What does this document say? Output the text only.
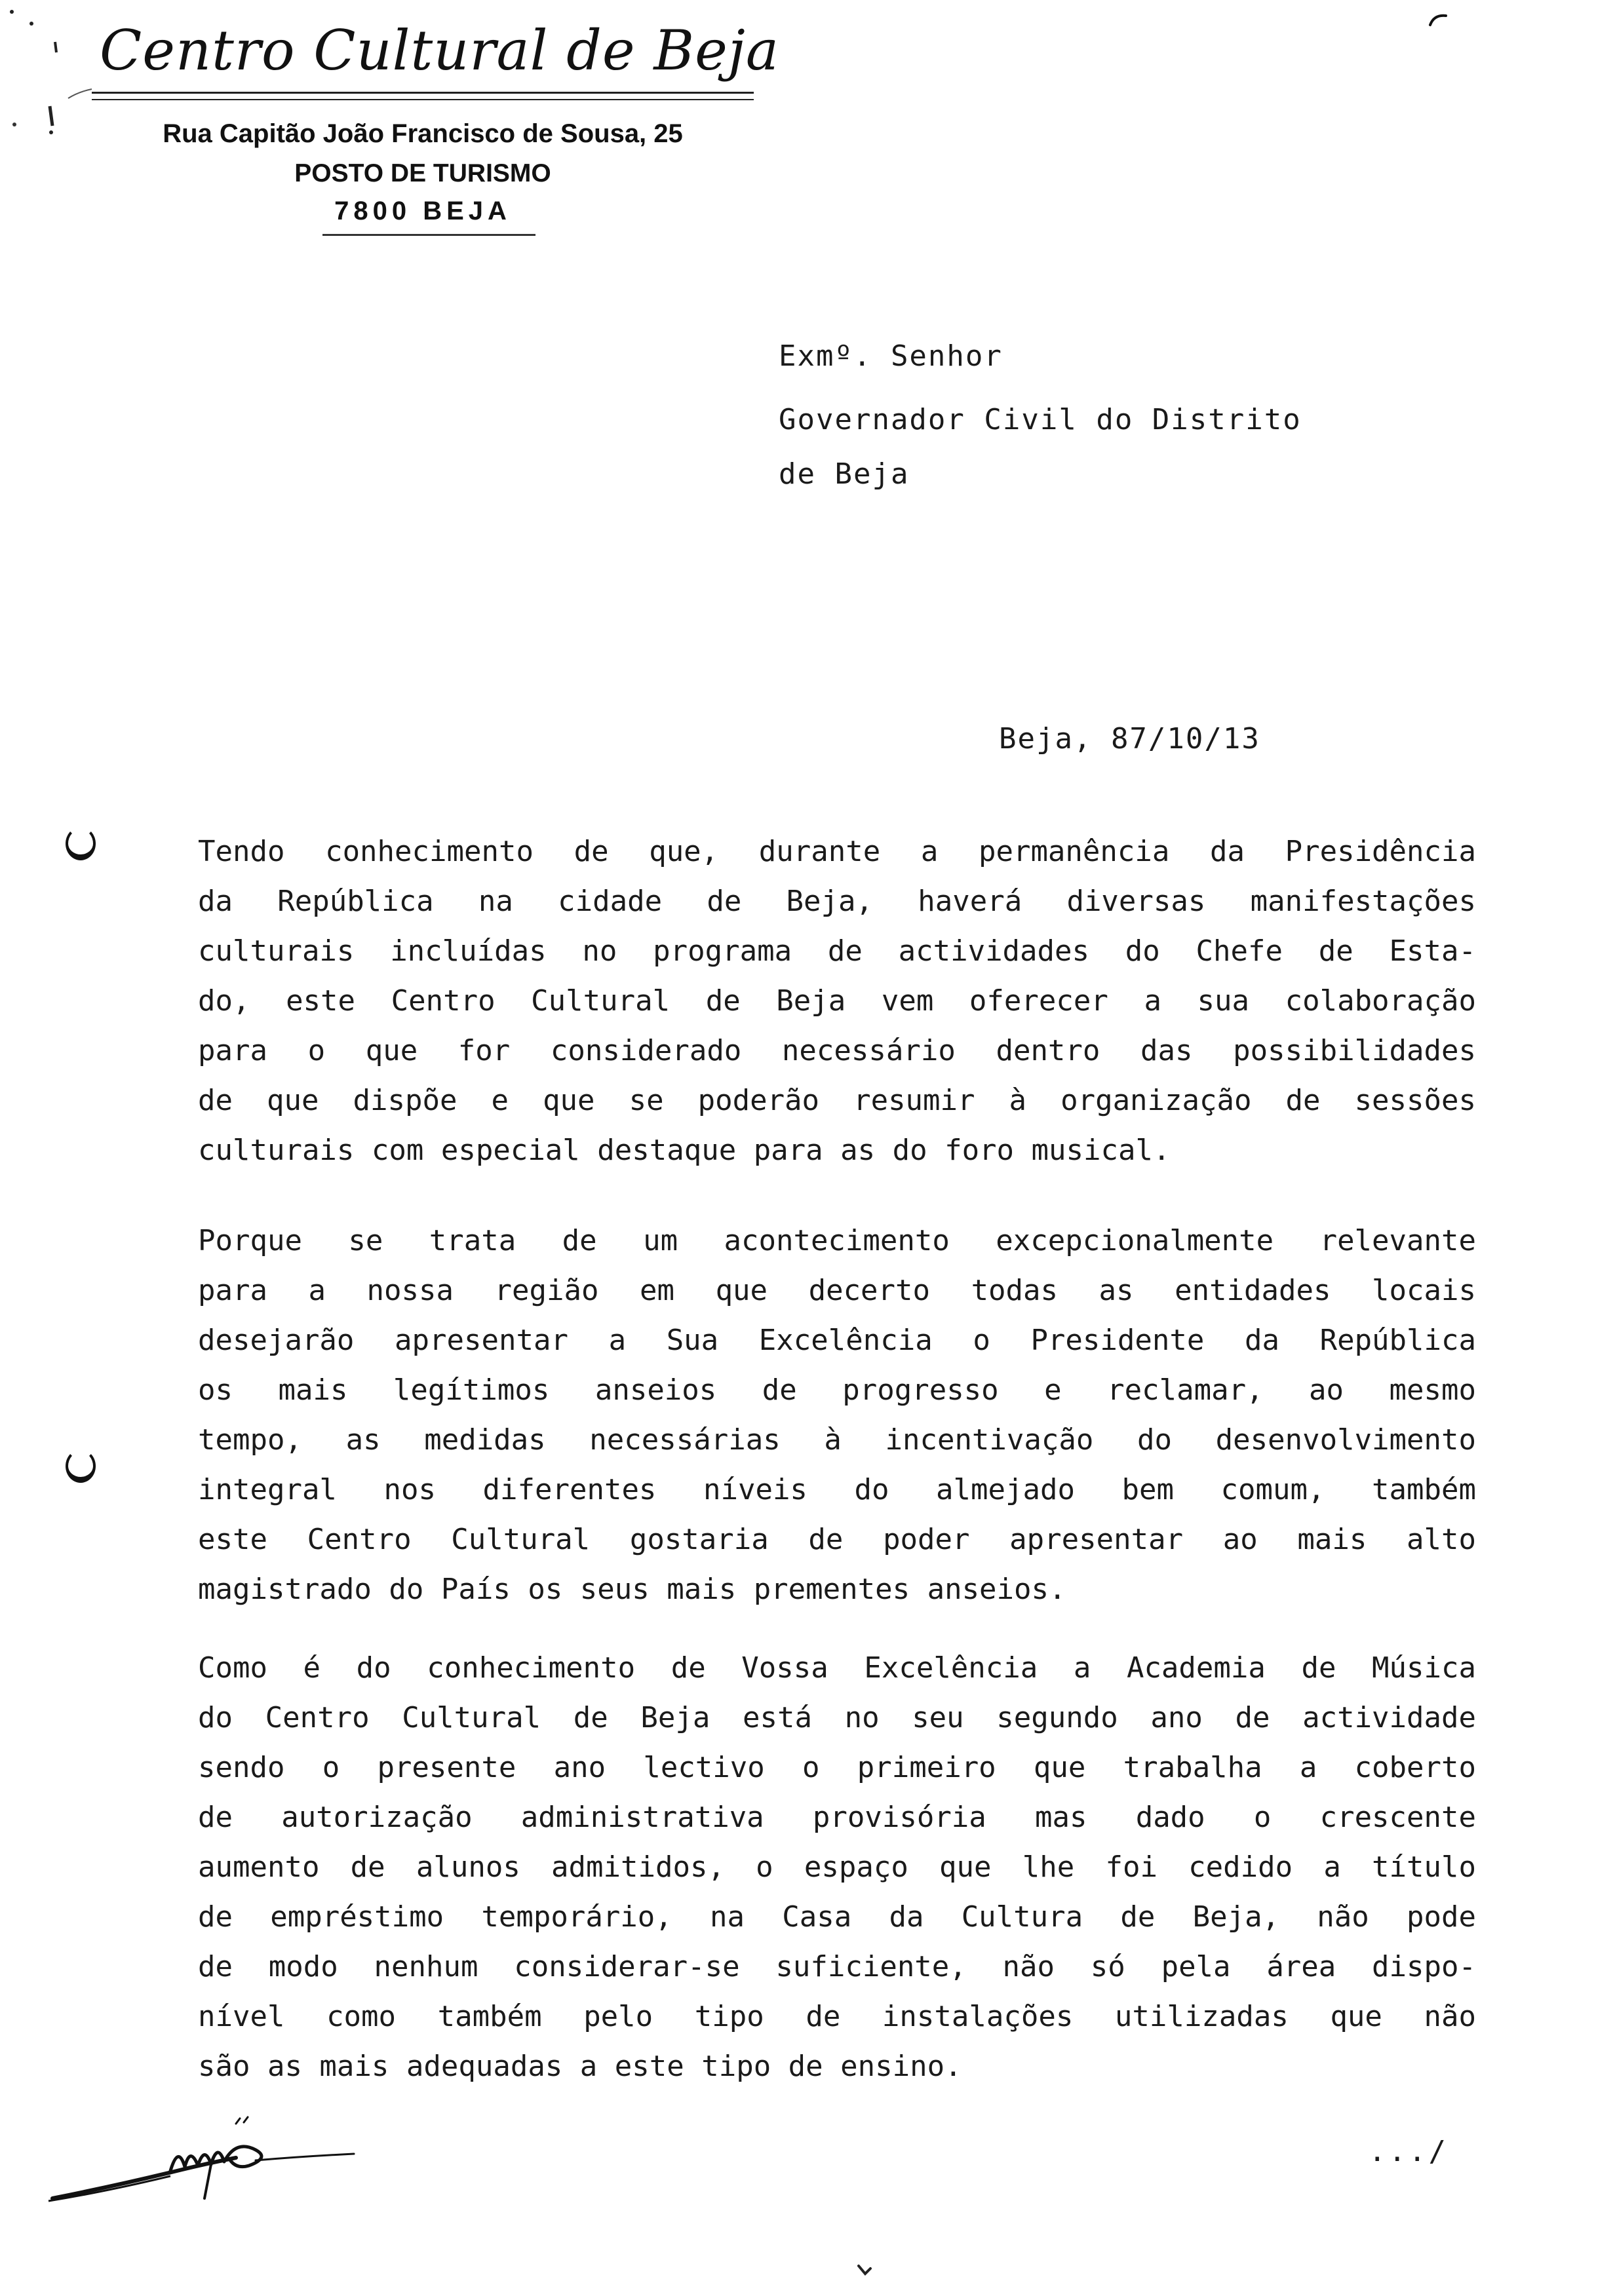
Centro Cultural de Beja
Rua Capitão João Francisco de Sousa, 25
POSTO DE TURISMO
7800 BEJA
Exmº. Senhor
Governador Civil do Distrito
de Beja
Beja, 87/10/13
Tendo conhecimento de que, durante a permanência da Presidência
da República na cidade de Beja, haverá diversas manifestações
culturais incluídas no programa de actividades do Chefe de Esta-
do, este Centro Cultural de Beja vem oferecer a sua colaboração
para o que for considerado necessário dentro das possibilidades
de que dispõe e que se poderão resumir à organização de sessões
culturais com especial destaque para as do foro musical.
Porque se trata de um acontecimento excepcionalmente relevante
para a nossa região em que decerto todas as entidades locais
desejarão apresentar a Sua Excelência o Presidente da República
os mais legítimos anseios de progresso e reclamar, ao mesmo
tempo, as medidas necessárias à incentivação do desenvolvimento
integral nos diferentes níveis do almejado bem comum, também
este Centro Cultural gostaria de poder apresentar ao mais alto
magistrado do País os seus mais prementes anseios.
Como é do conhecimento de Vossa Excelência a Academia de Música
do Centro Cultural de Beja está no seu segundo ano de actividade
sendo o presente ano lectivo o primeiro que trabalha a coberto
de autorização administrativa provisória mas dado o crescente
aumento de alunos admitidos, o espaço que lhe foi cedido a título
de empréstimo temporário, na Casa da Cultura de Beja, não pode
de modo nenhum considerar-se suficiente, não só pela área dispo-
nível como também pelo tipo de instalações utilizadas que não
são as mais adequadas a este tipo de ensino.
.../
